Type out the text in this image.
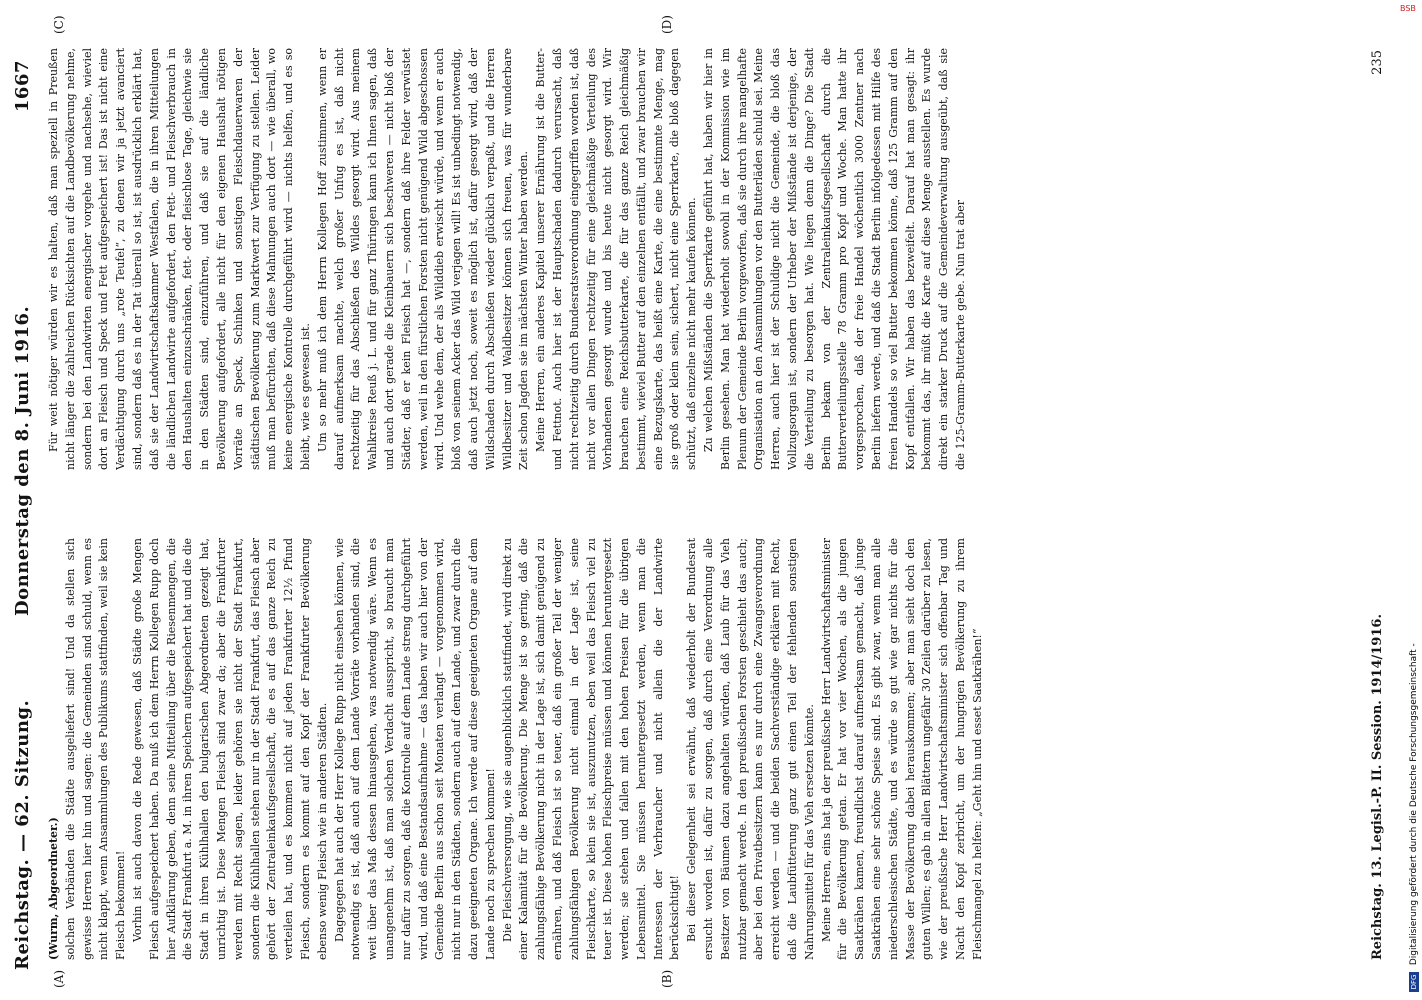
Reichstag. — 62. Sitzung.
Donnerstag den 8. Juni 1916.  1667
(A)	(B)
(C)	(D)

(Wurm, Abgeordneter.) solchen Verbänden die Städte ausgeliefert sind! Und da stellen sich gewisse Herren hier hin und sagen: die Gemeinden sind schuld, wenn es nicht klappt, wenn Ansammlungen des Publikums stattfinden, weil sie kein Fleisch bekommen! Vorhin ist auch davon die Rede gewesen, daß Städte große Mengen Fleisch aufgespeichert haben. Da muß ich dem Herrn Kollegen Rupp doch hier Aufklärung geben, denn seine Mitteilung über die Riesenmengen, die die Stadt Frankfurt a. M. in ihren Speichern aufgespeichert hat und die die Stadt in ihren Kühlhallen den bulgarischen Abgeordneten gezeigt hat, unrichtig ist. Diese Mengen Fleisch sind zwar da; aber die Frankfurter werden mit Recht sagen, leider gehören sie nicht der Stadt Frankfurt, sondern die Kühlhallen stehen nur in der Stadt Frankfurt, das Fleisch aber gehört der Zentraleinkaufsgesellschaft, die es auf das ganze Reich zu verteilen hat, und es kommen nicht auf jeden Frankfurter 12½ Pfund Fleisch, sondern es kommt auf den Kopf der Frankfurter Bevölkerung ebenso wenig Fleisch wie in anderen Städten. Dagegegen hat auch der Herr Kollege Rupp nicht einsehen können, wie notwendig es ist, daß auch auf dem Lande Vorräte vorhanden sind, die weit über das Maß dessen hinausgehen, was notwendig wäre. Wenn es unangenehm ist, daß man solchen Verdacht ausspricht, so braucht man nur dafür zu sorgen, daß die Kontrolle auf dem Lande streng durchgeführt wird, und daß eine Bestandsaufnahme — das haben wir auch hier von der Gemeinde Berlin aus schon seit Monaten verlangt — vorgenommen wird, nicht nur in den Städten, sondern auch auf dem Lande, und zwar durch die dazu geeigneten Organe. Ich werde auf diese geeigneten Organe auf dem Lande noch zu sprechen kommen! Die Fleischversorgung, wie sie augenblicklich stattfindet, wird direkt zu einer Kalamität für die Bevölkerung. Die Menge ist so gering, daß die zahlungsfähige Bevölkerung nicht in der Lage ist, sich damit genügend zu ernähren, und daß Fleisch ist so teuer, daß ein großer Teil der weniger zahlungsfähigen Bevölkerung nicht einmal in der Lage ist, seine Fleischkarte, so klein sie ist, auszunutzen, eben weil das Fleisch viel zu teuer ist. Diese hohen Fleischpreise müssen und können heruntergesetzt werden; sie stehen und fallen mit den hohen Preisen für die übrigen Lebensmittel. Sie müssen heruntergesetzt werden, wenn man die Interessen der Verbraucher und nicht allein die der Landwirte berücksichtigt! Bei dieser Gelegenheit sei erwähnt, daß wiederholt der Bundesrat ersucht worden ist, dafür zu sorgen, daß durch eine Verordnung alle Besitzer von Bäumen dazu angehalten würden, daß Laub für das Vieh nutzbar gemacht werde. In den preußischen Forsten geschieht das auch; aber bei den Privatbesitzern kann es nur durch eine Zwangsverordnung erreicht werden — und die beiden Sachverständige erklären mit Recht, daß die Laubfütterung ganz gut einen Teil der fehlenden sonstigen Nahrungsmittel für das Vieh ersetzen könnte. Meine Herren, eins hat ja der preußische Herr Landwirtschaftsminister für die Bevölkerung getan. Er hat vor vier Wochen, als die jungen Saatkrähen kamen, freundlichst darauf aufmerksam gemacht, daß junge Saatkrähen eine sehr schöne Speise sind. Es gibt zwar, wenn man alle niederschlesischen Städte, und es würde so gut wie gar nichts für die Masse der Bevölkerung dabei herauskommen; aber man sieht doch den guten Willen; es gab in allen Blättern ungefähr 30 Zeilen darüber zu lesen, wie der preußische Herr Landwirtschaftsminister sich offenbar Tag und Nacht den Kopf zerbricht, um der hungrigen Bevölkerung zu ihrem Fleischmangel zu helfen: „Geht hin und esset Saatkrähen!“

Für weit nötiger würden wir es halten, daß man speziell in Preußen nicht länger die zahlreichen Rücksichten auf die Landbevölkerung nehme, sondern bei den Landwirten energischer vorgehe und nachsehe, wieviel dort an Fleisch und Speck und Fett aufgespeichert ist! Das ist nicht eine Verdächtigung durch uns „rote Teufel“, zu denen wir ja jetzt avanciert sind, sondern daß es in der Tat überall so ist, ist ausdrücklich erklärt hat, daß sie der Landwirtschaftskammer Westfalen, die in ihren Mitteilungen die ländlichen Landwirte aufgefordert, den Fett- und Fleischverbrauch in den Haushalten einzuschränken, fett- oder fleischlose Tage, gleichwie sie in den Städten sind, einzuführen, und daß sie auf die ländliche Bevölkerung aufgefordert, alle nicht für den eigenen Haushalt nötigen Vorräte an Speck, Schinken und sonstigen Fleischdauerwaren der städtischen Bevölkerung zum Marktwert zur Verfügung zu stellen. Leider muß man befürchten, daß diese Mahnungen auch dort — wie überall, wo keine energische Kontrolle durchgeführt wird — nichts helfen, und es so bleibt, wie es gewesen ist. Um so mehr muß ich dem Herrn Kollegen Hoff zustimmen, wenn er darauf aufmerksam machte, welch großer Unfug es ist, daß nicht rechtzeitig für das Abschießen des Wildes gesorgt wird. Aus meinem Wahlkreise Reuß j. L. und für ganz Thüringen kann ich Ihnen sagen, daß und auch dort gerade die Kleinbauern sich beschweren — nicht bloß der Städter, daß er kein Fleisch hat —, sondern daß ihre Felder verwüstet werden, weil in den fürstlichen Forsten nicht genügend Wild abgeschossen wird. Und wehe dem, der als Wilddieb erwischt würde, und wenn er auch bloß von seinem Acker das Wild verjagen will! Es ist unbedingt notwendig, daß auch jetzt noch, soweit es möglich ist, dafür gesorgt wird, daß der Wildschaden durch Abschießen wieder glücklich verpaßt, und die Herren Wildbesitzer und Waldbesitzer können sich freuen, was für wunderbare Zeit schon Jagden sie im nächsten Winter haben werden. Meine Herren, ein anderes Kapitel unserer Ernährung ist die Butter- und Fettnot. Auch hier ist der Hauptschaden dadurch verursacht, daß nicht rechtzeitig durch Bundesratsverordnung eingegriffen worden ist, daß nicht vor allen Dingen rechtzeitig für eine gleichmäßige Verteilung des Vorhandenen gesorgt wurde und bis heute nicht gesorgt wird. Wir brauchen eine Reichsbutterkarte, die für das ganze Reich gleichmäßig bestimmt, wieviel Butter auf den einzelnen entfällt, und zwar brauchen wir eine Bezugskarte, das heißt eine Karte, die eine bestimmte Menge, mag sie groß oder klein sein, sichert, nicht eine Sperrkarte, die bloß dagegen schützt, daß einzelne nicht mehr kaufen können. Zu welchen Mißständen die Sperrkarte geführt hat, haben wir hier in Berlin gesehen. Man hat wiederholt sowohl in der Kommission wie im Plenum der Gemeinde Berlin vorgeworfen, daß sie durch ihre mangelhafte Organisation an den Ansammlungen vor den Butterläden schuld sei. Meine Herren, auch hier ist der Schuldige nicht die Gemeinde, die bloß das Vollzugsorgan ist, sondern der Urheber der Mißstände ist derjenige, der die Verteilung zu besorgen hat. Wie liegen denn die Dinge? Die Stadt Berlin bekam von der Zentraleinkaufsgesellschaft durch die Butterverteilungsstelle 78 Gramm pro Kopf und Woche. Man hatte ihr vorgesprochen, daß der freie Handel wöchentlich 3000 Zentner nach Berlin liefern werde, und daß die Stadt Berlin infolgedessen mit Hilfe des freien Handels so viel Butter bekommen könne, daß 125 Gramm auf den Kopf entfallen. Wir haben das bezweifelt. Darauf hat man gesagt: ihr bekommt das, ihr müßt die Karte auf diese Menge ausstellen. Es wurde direkt ein starker Druck auf die Gemeindeverwaltung ausgeübt, daß sie die 125-Gramm-Butterkarte gebe. Nun trat aber

Reichstag. 13. Legisl.-P. II. Session. 1914/1916.
235
BSB
DFG Digitalisierung gefördert durch die Deutsche Forschungsgemeinschaft -
